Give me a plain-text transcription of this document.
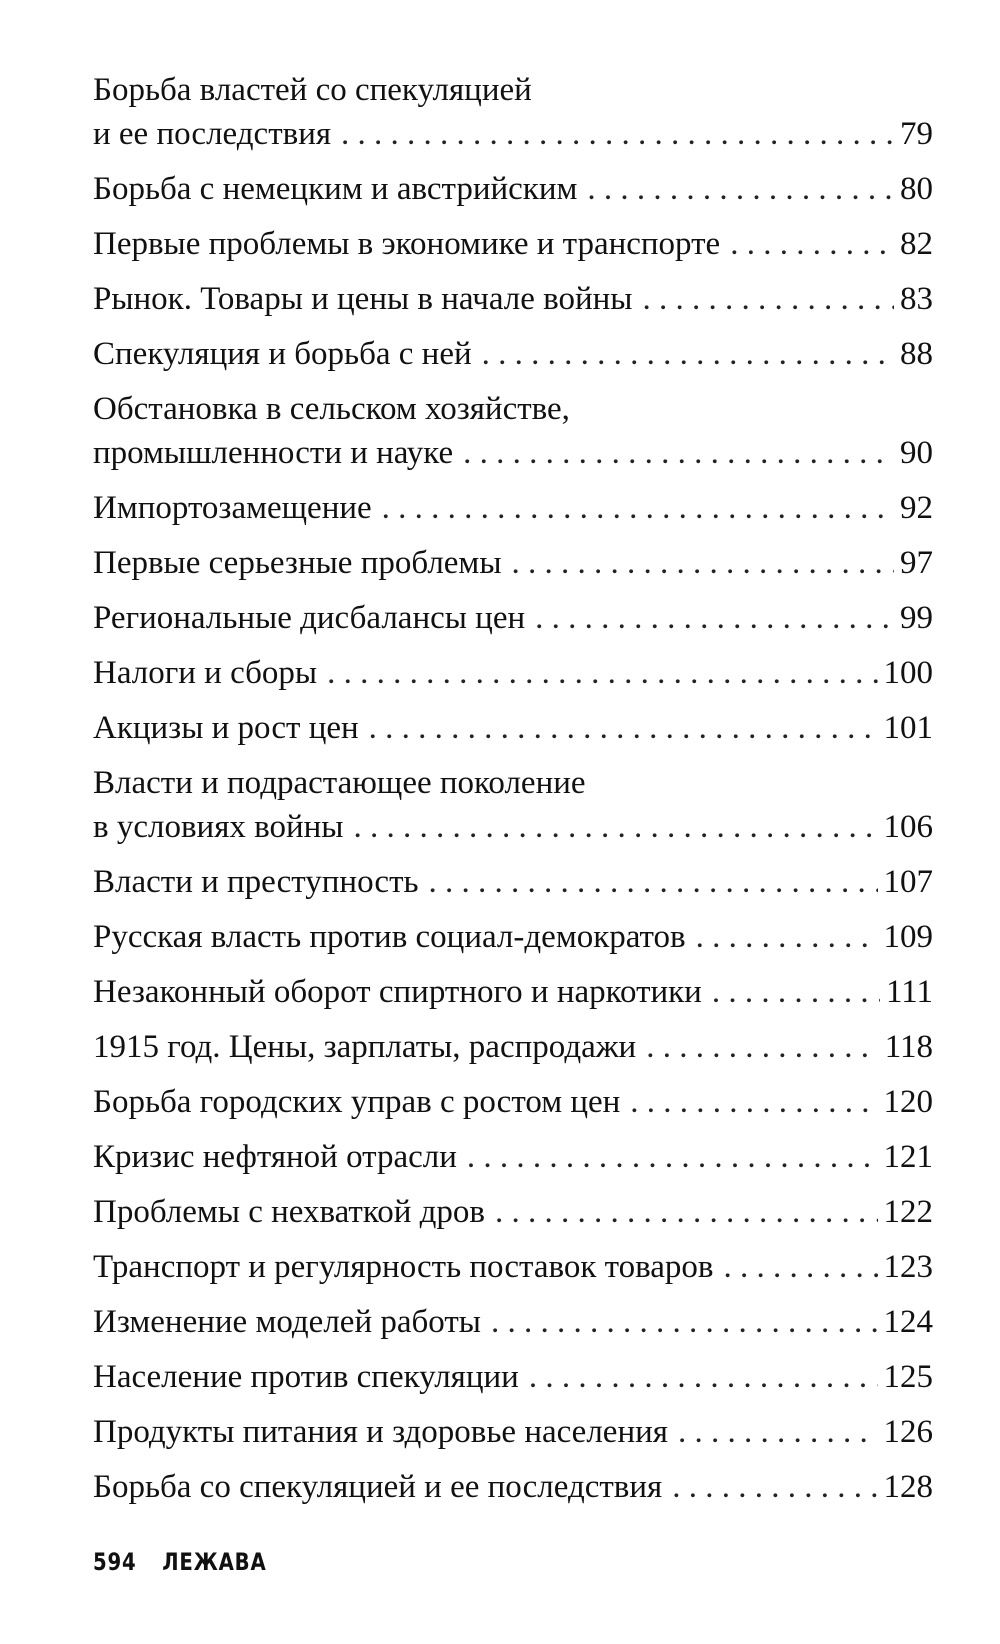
Борьба властей со спекуляцией
и ее последствия . . .	79
Борьба с немецким и австрийским . . .	80
Первые проблемы в экономике и транспорте . . .	82
Рынок. Товары и цены в начале войны . . .	83
Спекуляция и борьба с ней . . .	88
Обстановка в сельском хозяйстве,
промышленности и науке . . .	90
Импортозамещение . . .	92
Первые серьезные проблемы . . .	97
Региональные дисбалансы цен . . .	99
Налоги и сборы . . .	100
Акцизы и рост цен . . .	101
Власти и подрастающее поколение
в условиях войны . . .	106
Власти и преступность . . .	107
Русская власть против социал-демократов . . .	109
Незаконный оборот спиртного и наркотики . . .	111
1915 год. Цены, зарплаты, распродажи . . .	118
Борьба городских управ с ростом цен . . .	120
Кризис нефтяной отрасли . . .	121
Проблемы с нехваткой дров . . .	122
Транспорт и регулярность поставок товаров . . .	123
Изменение моделей работы . . .	124
Население против спекуляции . . .	125
Продукты питания и здоровье населения . . .	126
Борьба со спекуляцией и ее последствия . . .	128
594 ЛЕЖАВА
